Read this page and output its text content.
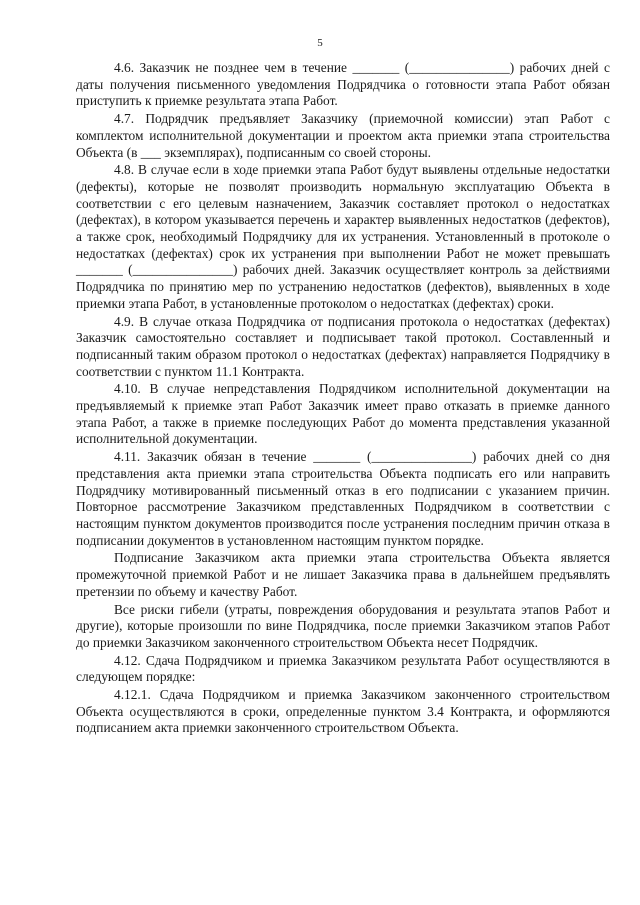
5

4.6. Заказчик не позднее чем в течение _______ (_______________) рабочих дней с даты получения письменного уведомления Подрядчика о готовности этапа Работ обязан приступить к приемке результата этапа Работ.

4.7. Подрядчик предъявляет Заказчику (приемочной комиссии) этап Работ с комплектом исполнительной документации и проектом акта приемки этапа строительства Объекта (в ___ экземплярах), подписанным со своей стороны.

4.8. В случае если в ходе приемки этапа Работ будут выявлены отдельные недостатки (дефекты), которые не позволят производить нормальную эксплуатацию Объекта в соответствии с его целевым назначением, Заказчик составляет протокол о недостатках (дефектах), в котором указывается перечень и характер выявленных недостатков (дефектов), а также срок, необходимый Подрядчику для их устранения. Установленный в протоколе о недостатках (дефектах) срок их устранения при выполнении Работ не может превышать _______ (_______________) рабочих дней. Заказчик осуществляет контроль за действиями Подрядчика по принятию мер по устранению недостатков (дефектов), выявленных в ходе приемки этапа Работ, в установленные протоколом о недостатках (дефектах) сроки.

4.9. В случае отказа Подрядчика от подписания протокола о недостатках (дефектах) Заказчик самостоятельно составляет и подписывает такой протокол. Составленный и подписанный таким образом протокол о недостатках (дефектах) направляется Подрядчику в соответствии с пунктом 11.1 Контракта.

4.10. В случае непредставления Подрядчиком исполнительной документации на предъявляемый к приемке этап Работ Заказчик имеет право отказать в приемке данного этапа Работ, а также в приемке последующих Работ до момента представления указанной исполнительной документации.

4.11. Заказчик обязан в течение _______ (_______________) рабочих дней со дня представления акта приемки этапа строительства Объекта подписать его или направить Подрядчику мотивированный письменный отказ в его подписании с указанием причин. Повторное рассмотрение Заказчиком представленных Подрядчиком в соответствии с настоящим пунктом документов производится после устранения последним причин отказа в подписании документов в установленном настоящим пунктом порядке.

Подписание Заказчиком акта приемки этапа строительства Объекта является промежуточной приемкой Работ и не лишает Заказчика права в дальнейшем предъявлять претензии по объему и качеству Работ.

Все риски гибели (утраты, повреждения оборудования и результата этапов Работ и другие), которые произошли по вине Подрядчика, после приемки Заказчиком этапов Работ до приемки Заказчиком законченного строительством Объекта несет Подрядчик.

4.12. Сдача Подрядчиком и приемка Заказчиком результата Работ осуществляются в следующем порядке:

4.12.1. Сдача Подрядчиком и приемка Заказчиком законченного строительством Объекта осуществляются в сроки, определенные пунктом 3.4 Контракта, и оформляются подписанием акта приемки законченного строительством Объекта.
